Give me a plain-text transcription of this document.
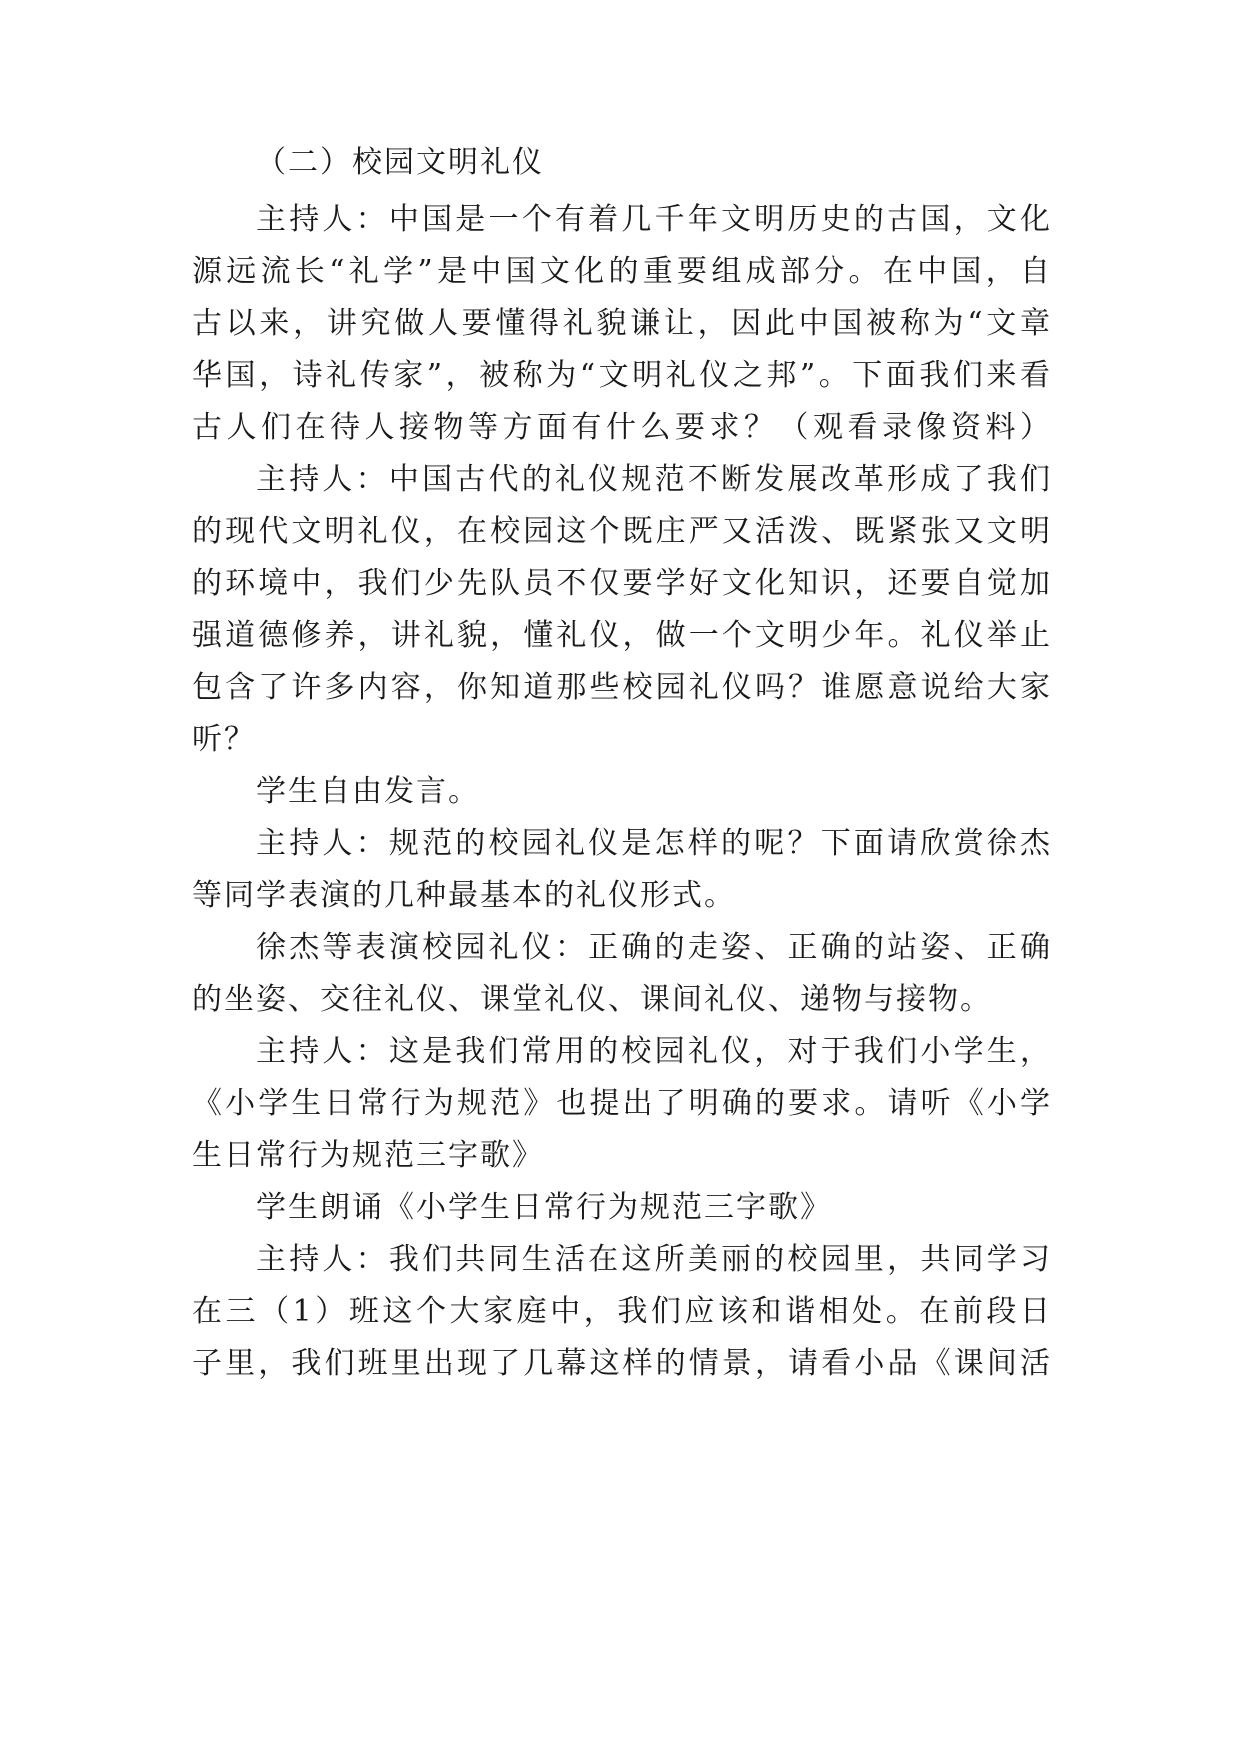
（二）校园文明礼仪
主持人：中国是一个有着几千年文明历史的古国，文化
源远流长“礼学”是中国文化的重要组成部分。在中国，自
古以来，讲究做人要懂得礼貌谦让，因此中国被称为“文章
华国，诗礼传家”，被称为“文明礼仪之邦”。下面我们来看
古人们在待人接物等方面有什么要求？（观看录像资料）
主持人：中国古代的礼仪规范不断发展改革形成了我们
的现代文明礼仪，在校园这个既庄严又活泼、既紧张又文明
的环境中，我们少先队员不仅要学好文化知识，还要自觉加
强道德修养，讲礼貌，懂礼仪，做一个文明少年。礼仪举止
包含了许多内容，你知道那些校园礼仪吗？谁愿意说给大家
听？
学生自由发言。
主持人：规范的校园礼仪是怎样的呢？下面请欣赏徐杰
等同学表演的几种最基本的礼仪形式。
徐杰等表演校园礼仪：正确的走姿、正确的站姿、正确
的坐姿、交往礼仪、课堂礼仪、课间礼仪、递物与接物。
主持人：这是我们常用的校园礼仪，对于我们小学生，
《小学生日常行为规范》也提出了明确的要求。请听《小学
生日常行为规范三字歌》
学生朗诵《小学生日常行为规范三字歌》
主持人：我们共同生活在这所美丽的校园里，共同学习
在三（1）班这个大家庭中，我们应该和谐相处。在前段日
子里，我们班里出现了几幕这样的情景，请看小品《课间活
